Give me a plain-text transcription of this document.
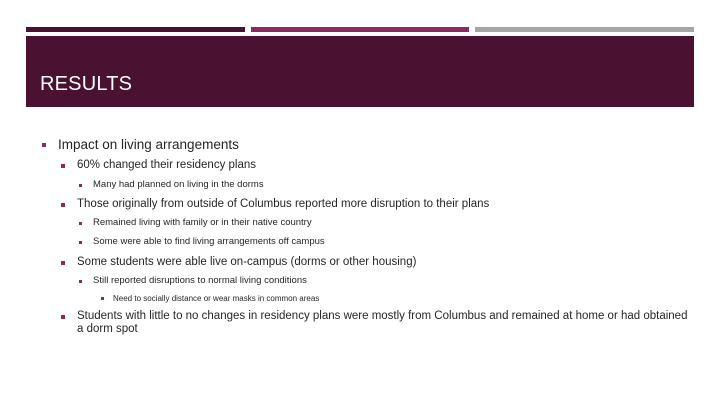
RESULTS
Impact on living arrangements
60% changed their residency plans
Many had planned on living in the dorms
Those originally from outside of Columbus reported more disruption to their plans
Remained living with family or in their native country
Some were able to find living arrangements off campus
Some students were able live on-campus (dorms or other housing)
Still reported disruptions to normal living conditions
Need to socially distance or wear masks in common areas
Students with little to no changes in residency plans were mostly from Columbus and remained at home or had obtained a dorm spot
